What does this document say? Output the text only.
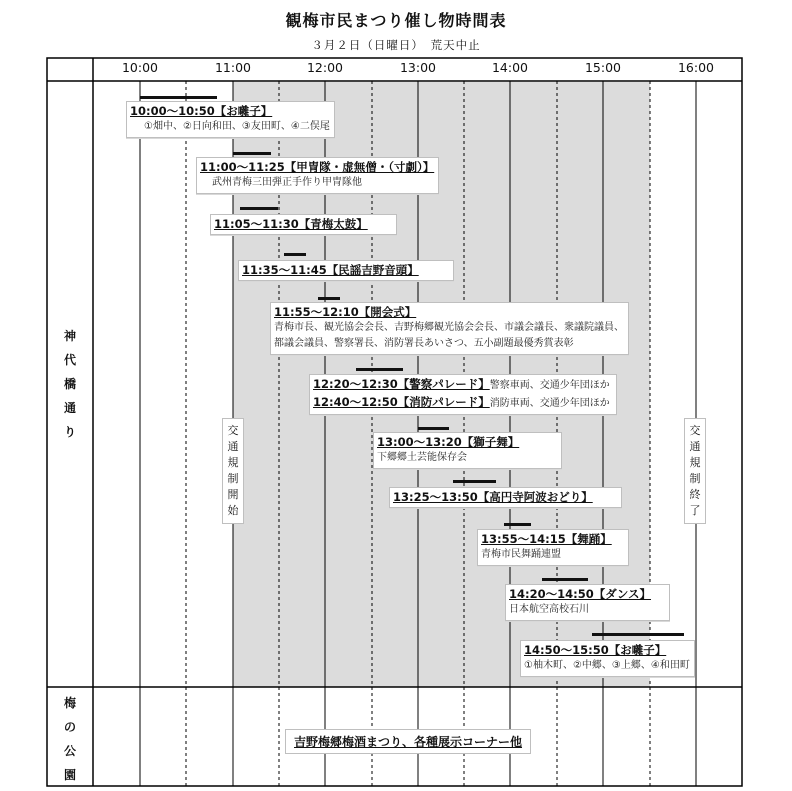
観梅市民まつり催し物時間表
３月２日（日曜日）　荒天中止
10:00	11:00	12:00	13:00	14:00	15:00	16:00
神
代
橋
通
り
梅
の
公
園
交
通
規
制
開
始
交
通
規
制
終
了
10:00～10:50【お囃子】
①畑中、②日向和田、③友田町、④二俣尾
11:00～11:25【甲冑隊・虚無僧・（寸劇）】
武州青梅三田弾正手作り甲冑隊他
11:05～11:30【青梅太鼓】
11:35～11:45【民謡吉野音頭】
11:55～12:10【開会式】
青梅市長、観光協会会長、吉野梅郷観光協会会長、市議会議長、衆議院議員、
都議会議員、警察署長、消防署長あいさつ、五小副題最優秀賞表彰
12:20～12:30【警察パレード】警察車両、交通少年団ほか
12:40～12:50【消防パレード】消防車両、交通少年団ほか
13:00～13:20【獅子舞】
下郷郷土芸能保存会
13:25～13:50【高円寺阿波おどり】
13:55～14:15【舞踊】
青梅市民舞踊連盟
14:20～14:50【ダンス】
日本航空高校石川
14:50～15:50【お囃子】
①柚木町、②中郷、③上郷、④和田町
吉野梅郷梅酒まつり、各種展示コーナー他
